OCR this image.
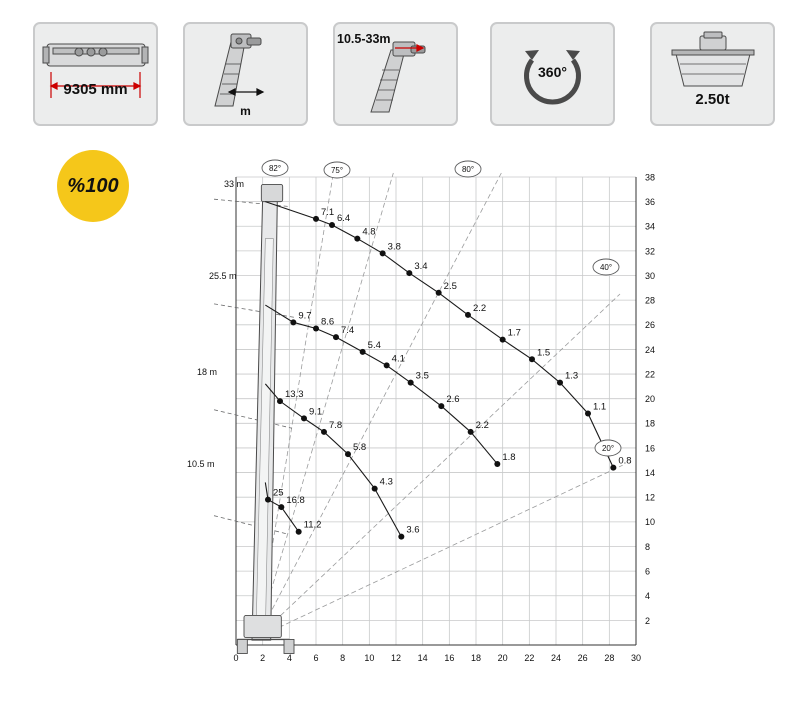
9305 mm
m
10.5-33m
360°
2.50t
%100
0 2 4 6 8 10 12 14 16 18 20 22 24 26 28 30
2
4
6
8
10
12
14
16
18
20
22
24
26
28
30
32
34
36
38
7.1
6.4
4.8
3.8
3.4
2.5
2.2
1.7
1.5
1.3
1.1
0.8
9.7
8.6
7.4
5.4
4.1
3.5
2.6
2.2
1.8
13.3
9.1
7.8
5.8
4.3
3.6
25
16.8
11.2
82°	75°	80°
40°
20°
33 m
25.5 m
18 m
10.5 m
